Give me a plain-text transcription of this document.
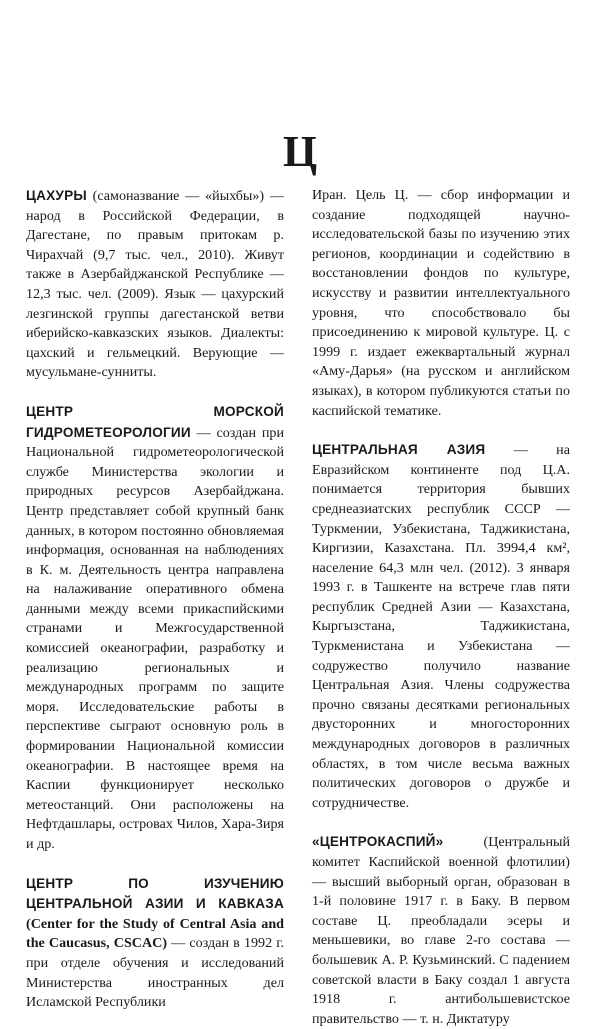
Ц

ЦАХУРЫ (самоназвание — «йыхбы») — народ в Российской Федерации, в Дагестане, по правым притокам р. Чирахчай (9,7 тыс. чел., 2010). Живут также в Азербайджанской Республике — 12,3 тыс. чел. (2009). Язык — цахурский лезгинской группы дагестанской ветви иберийско-кавказских языков. Диалекты: цахский и гельмецкий. Верующие — мусульмане-сунниты.

ЦЕНТР МОРСКОЙ ГИДРОМЕТЕОРОЛОГИИ — создан при Национальной гидрометеорологической службе Министерства экологии и природных ресурсов Азербайджана. Центр представляет собой крупный банк данных, в котором постоянно обновляемая информация, основанная на наблюдениях в К. м. Деятельность центра направлена на налаживание оперативного обмена данными между всеми прикаспийскими странами и Межгосударственной комиссией океанографии, разработку и реализацию региональных и международных программ по защите моря. Исследовательские работы в перспективе сыграют основную роль в формировании Национальной комиссии океанографии. В настоящее время на Каспии функционирует несколько метеостанций. Они расположены на Нефтдашлары, островах Чилов, Хара-Зиря и др.

ЦЕНТР ПО ИЗУЧЕНИЮ ЦЕНТРАЛЬНОЙ АЗИИ И КАВКАЗА (Center for the Study of Central Asia and the Caucasus, CSCAC) — создан в 1992 г. при отделе обучения и исследований Министерства иностранных дел Исламской Республики

Иран. Цель Ц. — сбор информации и создание подходящей научно-исследовательской базы по изучению этих регионов, координации и содействию в восстановлении фондов по культуре, искусству и развитии интеллектуального уровня, что способствовало бы присоединению к мировой культуре. Ц. с 1999 г. издает ежеквартальный журнал «Аму-Дарья» (на русском и английском языках), в котором публикуются статьи по каспийской тематике.

ЦЕНТРАЛЬНАЯ АЗИЯ — на Евразийском континенте под Ц.А. понимается территория бывших среднеазиатских республик СССР — Туркмении, Узбекистана, Таджикистана, Киргизии, Казахстана. Пл. 3994,4 км², население 64,3 млн чел. (2012). 3 января 1993 г. в Ташкенте на встрече глав пяти республик Средней Азии — Казахстана, Кыргызстана, Таджикистана, Туркменистана и Узбекистана — содружество получило название Центральная Азия. Члены содружества прочно связаны десятками региональных двусторонних и многосторонних международных договоров в различных областях, в том числе весьма важных политических договоров о дружбе и сотрудничестве.

«ЦЕНТРОКАСПИЙ» (Центральный комитет Каспийской военной флотилии) — высший выборный орган, образован в 1-й половине 1917 г. в Баку. В первом составе Ц. преобладали эсеры и меньшевики, во главе 2-го состава — большевик А. Р. Кузьминский. С падением советской власти в Баку создал 1 августа 1918 г. антибольшевистское правительство — т. н. Диктатуру
